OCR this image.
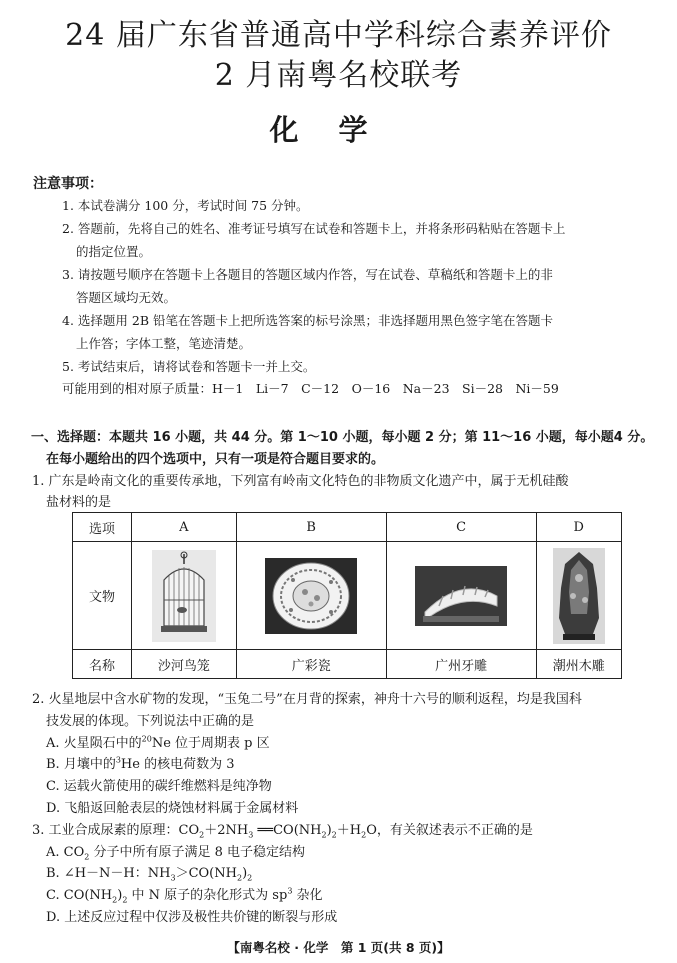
24 届广东省普通高中学科综合素养评价
2 月南粤名校联考
化学
注意事项：
1. 本试卷满分 100 分，考试时间 75 分钟。
2. 答题前，先将自己的姓名、准考证号填写在试卷和答题卡上，并将条形码粘贴在答题卡上
的指定位置。
3. 请按题号顺序在答题卡上各题目的答题区域内作答，写在试卷、草稿纸和答题卡上的非
答题区域均无效。
4. 选择题用 2B 铅笔在答题卡上把所选答案的标号涂黑；非选择题用黑色签字笔在答题卡
上作答；字体工整，笔迹清楚。
5. 考试结束后，请将试卷和答题卡一并上交。
可能用到的相对原子质量：H－1　Li－7　C－12　O－16　Na－23　Si－28　Ni－59
一、选择题：本题共 16 小题，共 44 分。第 1～10 小题，每小题 2 分；第 11～16 小题，每小题4 分。
在每小题给出的四个选项中，只有一项是符合题目要求的。
1. 广东是岭南文化的重要传承地，下列富有岭南文化特色的非物质文化遗产中，属于无机硅酸
盐材料的是
选项	A	B	C	D
文物	

名称	沙河鸟笼	广彩瓷	广州牙雕	潮州木雕
2. 火星地层中含水矿物的发现，“玉兔二号”在月背的探索，神舟十六号的顺利返程，均是我国科
技发展的体现。下列说法中正确的是
A. 火星陨石中的$^{20}$Ne 位于周期表 p 区
B. 月壤中的$^3$He 的核电荷数为 3
C. 运载火箭使用的碳纤维燃料是纯净物
D. 飞船返回舱表层的烧蚀材料属于金属材料
3. 工业合成尿素的原理：$CO_2+2NH_3$ $══CO(NH_2)_2+H_2O$，有关叙述表示不正确的是
A. $CO_2$ 分子中所有原子满足 8 电子稳定结构
B. ∠H－N－H：$NH_3>CO(NH_2)_2$
C. $CO(NH_2)_2$ 中 N 原子的杂化形式为 $sp^3$ 杂化
D. 上述反应过程中仅涉及极性共价键的断裂与形成
【南粤名校 · 化学　第 1 页(共 8 页)】
